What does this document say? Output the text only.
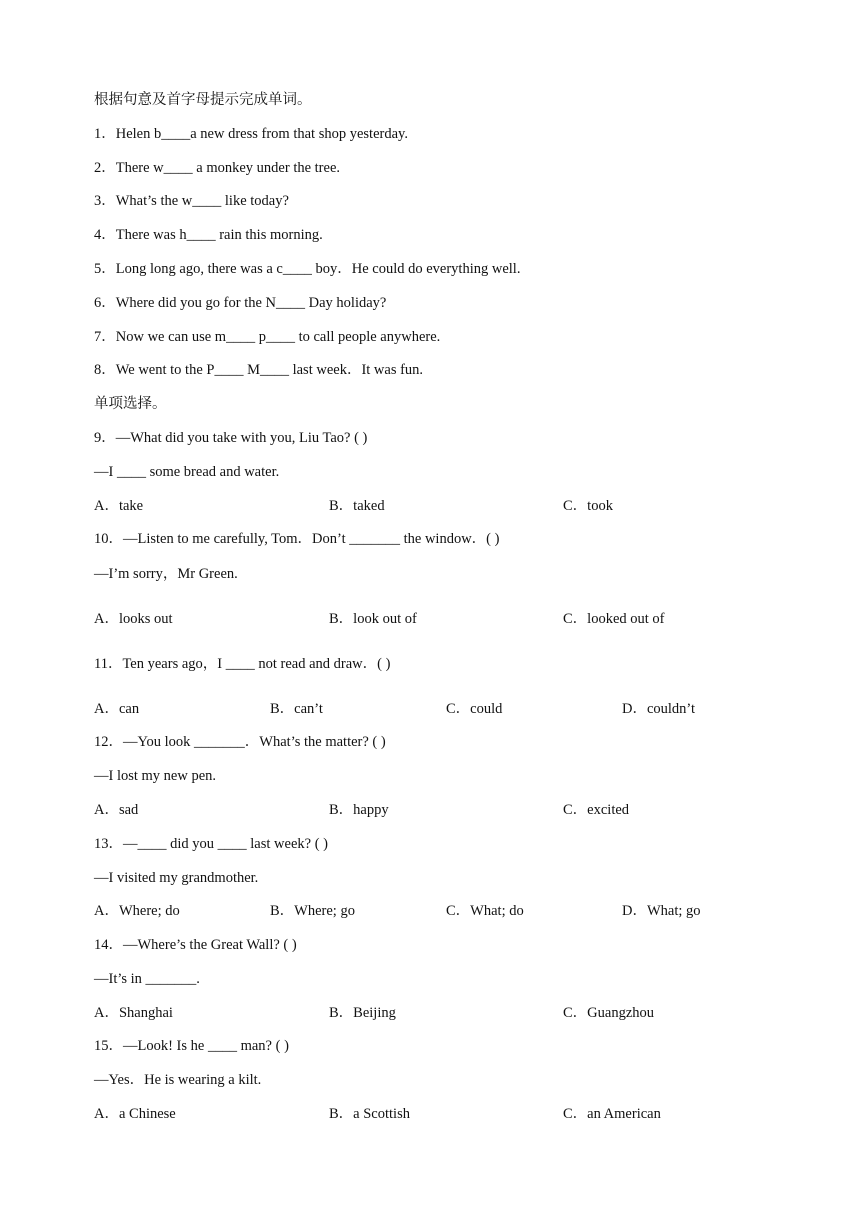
根据句意及首字母提示完成单词。
1．Helen b____a new dress from that shop yesterday.
2．There w____ a monkey under the tree.
3．What’s the w____ like today?
4．There was h____ rain this morning.
5．Long long ago, there was a c____ boy．He could do everything well.
6．Where did you go for the N____ Day holiday?
7．Now we can use m____ p____ to call people anywhere.
8．We went to the P____ M____ last week．It was fun.
单项选择。
9．—What did you take with you, Liu Tao? ( )
—I ____ some bread and water.
A．take	B．taked	C．took
10．—Listen to me carefully, Tom．Don’t _______ the window．( )
—I’m sorry，Mr Green.
A．looks out	B．look out of	C．looked out of
11．Ten years ago，I ____ not read and draw．( )
A．can	B．can’t	C．could	D．couldn’t
12．—You look _______．What’s the matter? ( )
—I lost my new pen.
A．sad	B．happy	C．excited
13．—____ did you ____ last week? ( )
—I visited my grandmother.
A．Where; do	B．Where; go	C．What; do	D．What; go
14．—Where’s the Great Wall? ( )
—It’s in _______.
A．Shanghai	B．Beijing	C．Guangzhou
15．—Look! Is he ____ man? ( )
—Yes．He is wearing a kilt.
A．a Chinese	B．a Scottish	C．an American
